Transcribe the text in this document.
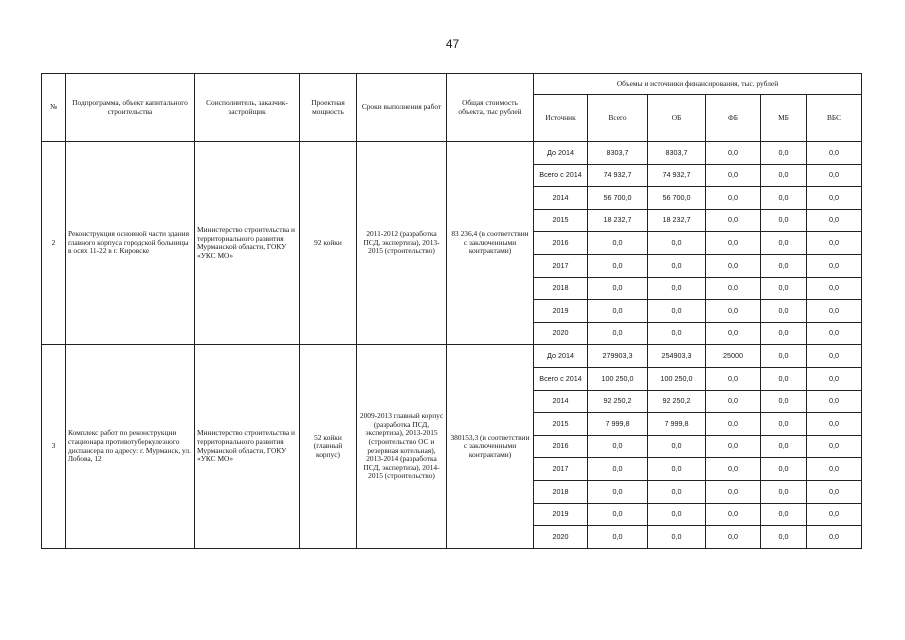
47
№	Подпрограмма, объект капитального строительства	Соисполнитель, заказчик-застройщик	Проектная мощность	Сроки выполнения работ	Общая стоимость объекта, тыс рублей	Объемы и источники финансирования, тыс. рублей					
						Источник	Всего	ОБ	ФБ	МБ	ВБС
2	Реконструкция основной части здания главного корпуса городской больницы в осях 11-22 в г. Кировске	Министерство строительства и территориального развития Мурманской области, ГОКУ «УКС МО»	92 койки	2011-2012 (разработка ПСД, экспертиза), 2013-2015 (строительство)	83 236,4 (в соответствии с заключенными контрактами)	До 2014	8303,7	8303,7	0,0	0,0	0,0
						Всего с 2014	74 932,7	74 932,7	0,0	0,0	0,0
						2014	56 700,0	56 700,0	0,0	0,0	0,0
						2015	18 232,7	18 232,7	0,0	0,0	0,0
						2016	0,0	0,0	0,0	0,0	0,0
						2017	0,0	0,0	0,0	0,0	0,0
						2018	0,0	0,0	0,0	0,0	0,0
						2019	0,0	0,0	0,0	0,0	0,0
						2020	0,0	0,0	0,0	0,0	0,0
3	Комплекс работ по реконструкции стационара противотуберкулезного диспансера по адресу: г. Мурманск, ул. Лобова, 12	Министерство строительства и территориального развития Мурманской области, ГОКУ «УКС МО»	52 койки (главный корпус)	2009-2013 главный корпус (разработка ПСД, экспертиза), 2013-2015 (строительство ОС и резервная котельная), 2013-2014 (разработка ПСД, экспертиза), 2014-2015 (строительство)	380153,3 (в соответствии с заключенными контрактами)	До 2014	279903,3	254903,3	25000	0,0	0,0
						Всего с 2014	100 250,0	100 250,0	0,0	0,0	0,0
						2014	92 250,2	92 250,2	0,0	0,0	0,0
						2015	7 999,8	7 999,8	0,0	0,0	0,0
						2016	0,0	0,0	0,0	0,0	0,0
						2017	0,0	0,0	0,0	0,0	0,0
						2018	0,0	0,0	0,0	0,0	0,0
						2019	0,0	0,0	0,0	0,0	0,0
						2020	0,0	0,0	0,0	0,0	0,0
